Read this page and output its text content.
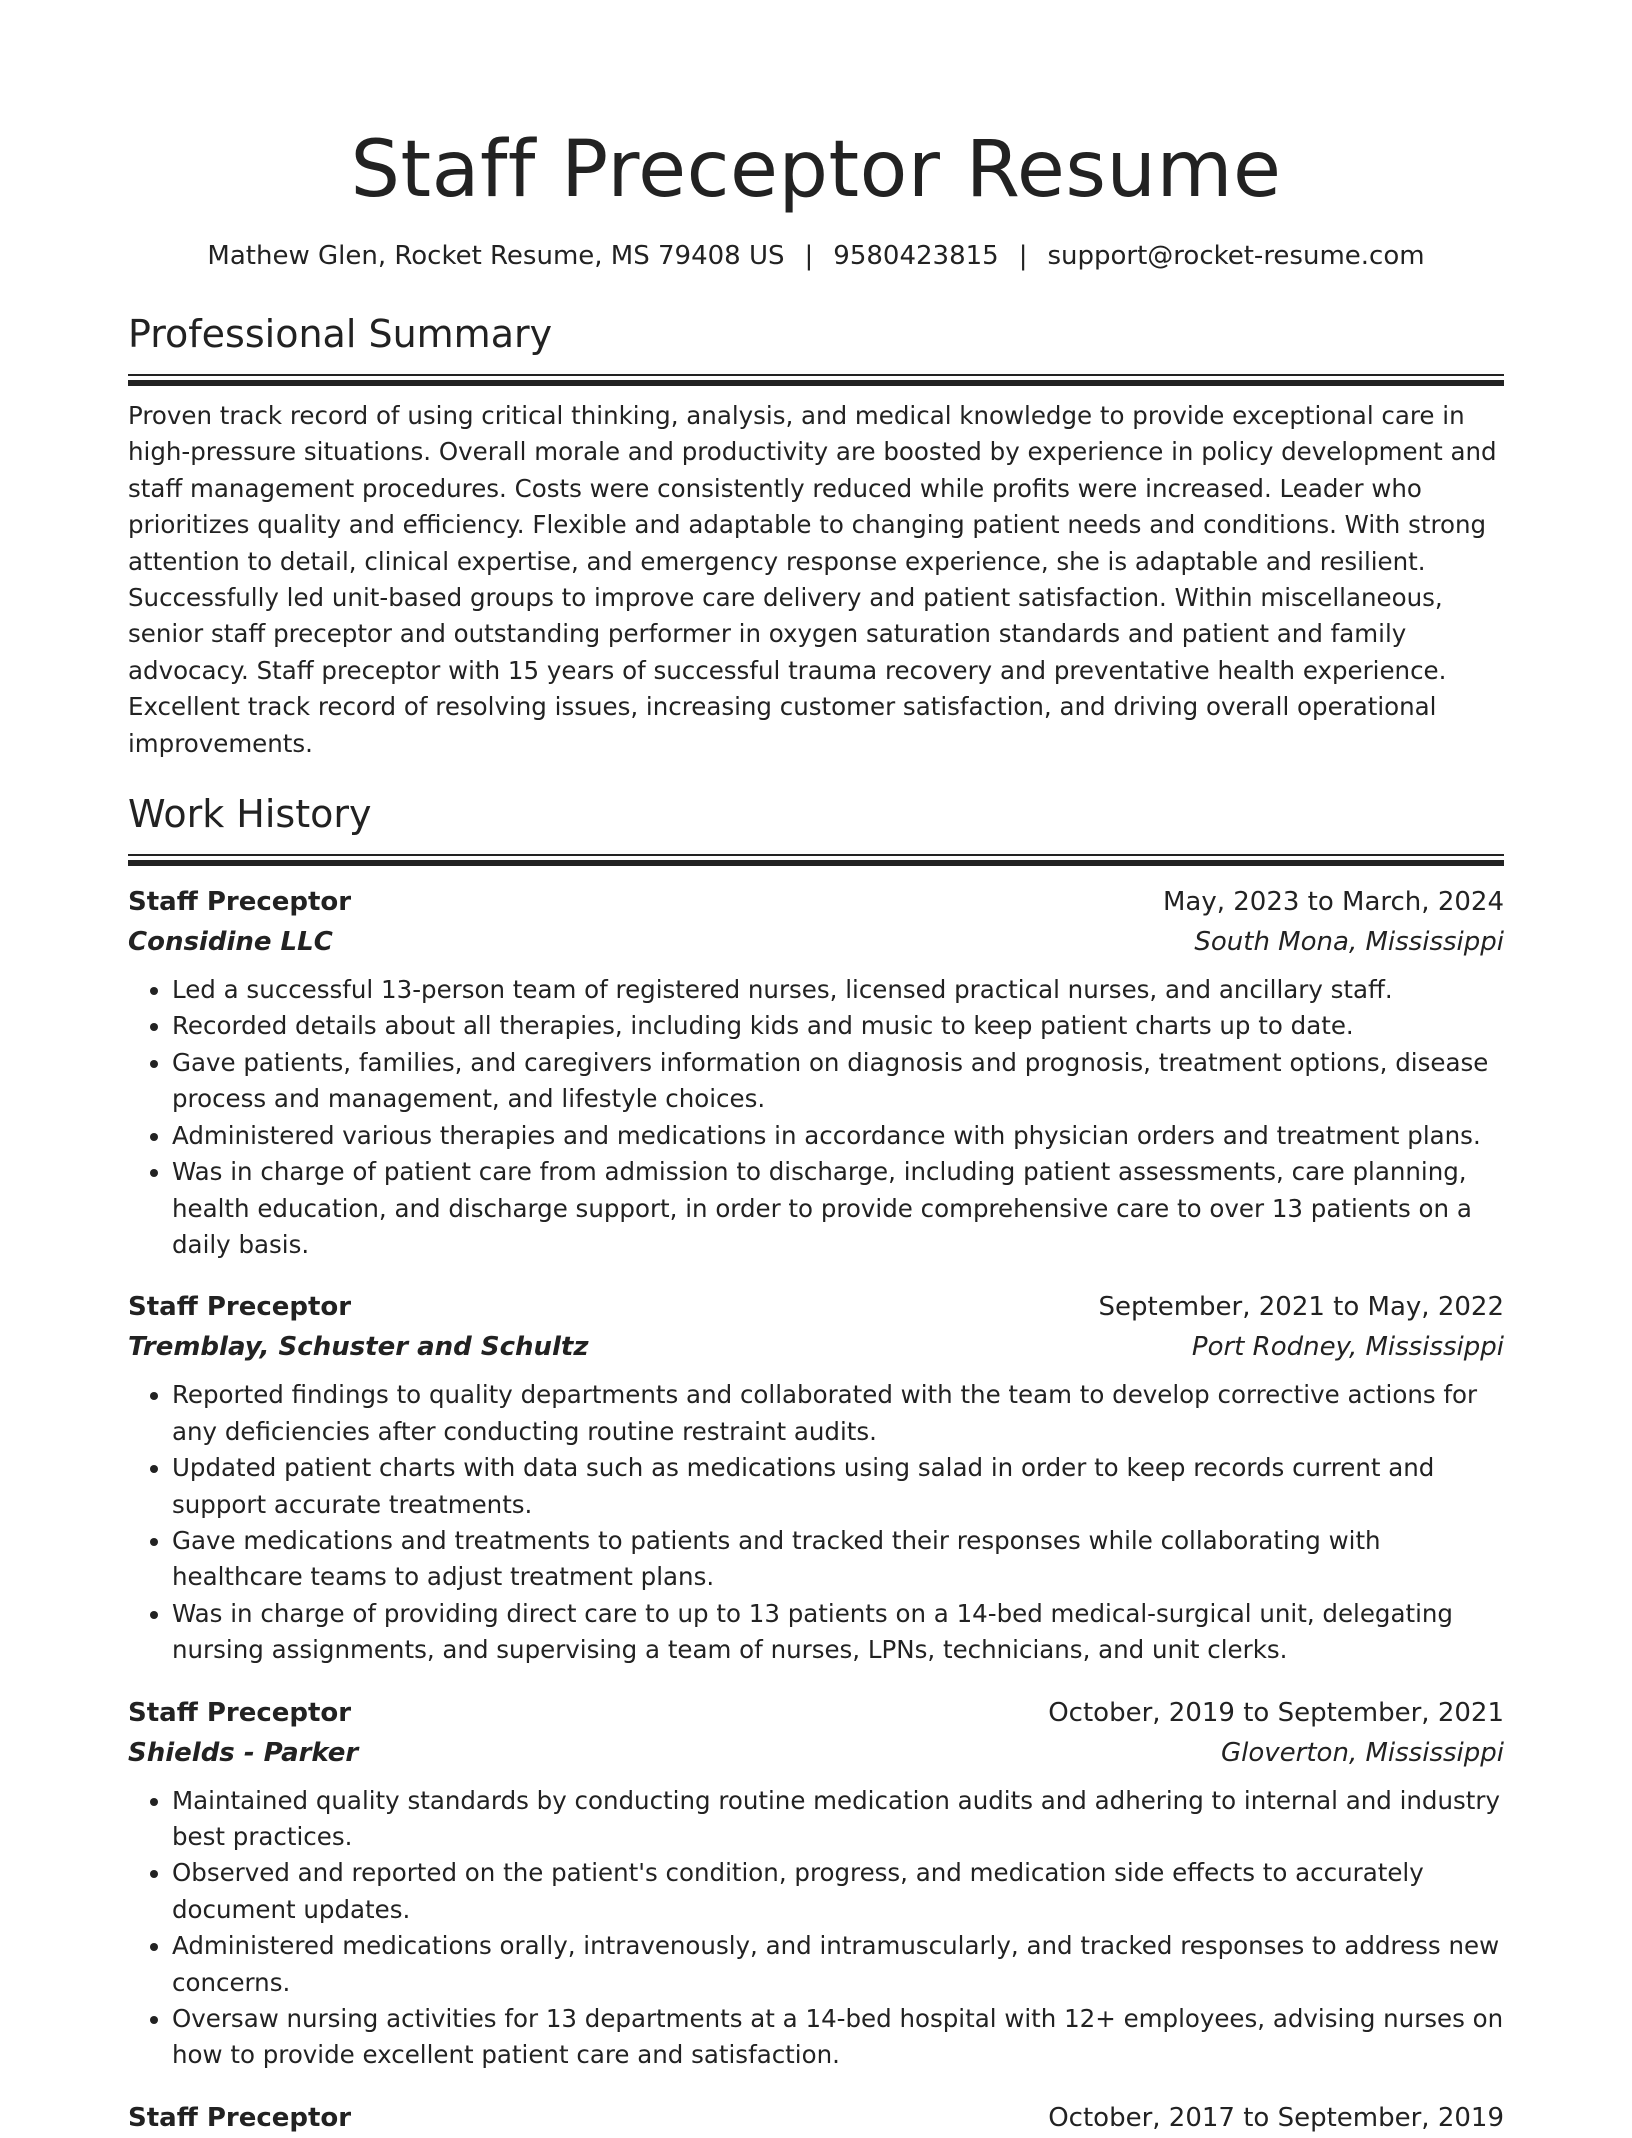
Staff Preceptor Resume
Mathew Glen, Rocket Resume, MS 79408 US | 9580423815 | support@rocket-resume.com
Professional Summary

Proven track record of using critical thinking, analysis, and medical knowledge to provide exceptional care in high-pressure situations. Overall morale and productivity are boosted by experience in policy development and staff management procedures. Costs were consistently reduced while profits were increased. Leader who prioritizes quality and efficiency. Flexible and adaptable to changing patient needs and conditions. With strong attention to detail, clinical expertise, and emergency response experience, she is adaptable and resilient. Successfully led unit-based groups to improve care delivery and patient satisfaction. Within miscellaneous, senior staff preceptor and outstanding performer in oxygen saturation standards and patient and family advocacy. Staff preceptor with 15 years of successful trauma recovery and preventative health experience. Excellent track record of resolving issues, increasing customer satisfaction, and driving overall operational improvements.

Work History
Staff Preceptor	May, 2023 to March, 2024
Considine LLC	South Mona, Mississippi
• Led a successful 13-person team of registered nurses, licensed practical nurses, and ancillary staff.
• Recorded details about all therapies, including kids and music to keep patient charts up to date.
• Gave patients, families, and caregivers information on diagnosis and prognosis, treatment options, disease process and management, and lifestyle choices.
• Administered various therapies and medications in accordance with physician orders and treatment plans.
• Was in charge of patient care from admission to discharge, including patient assessments, care planning, health education, and discharge support, in order to provide comprehensive care to over 13 patients on a daily basis.
Staff Preceptor	September, 2021 to May, 2022
Tremblay, Schuster and Schultz	Port Rodney, Mississippi
• Reported findings to quality departments and collaborated with the team to develop corrective actions for any deficiencies after conducting routine restraint audits.
• Updated patient charts with data such as medications using salad in order to keep records current and support accurate treatments.
• Gave medications and treatments to patients and tracked their responses while collaborating with healthcare teams to adjust treatment plans.
• Was in charge of providing direct care to up to 13 patients on a 14-bed medical-surgical unit, delegating nursing assignments, and supervising a team of nurses, LPNs, technicians, and unit clerks.
Staff Preceptor	October, 2019 to September, 2021
Shields - Parker	Gloverton, Mississippi
• Maintained quality standards by conducting routine medication audits and adhering to internal and industry best practices.
• Observed and reported on the patient's condition, progress, and medication side effects to accurately document updates.
• Administered medications orally, intravenously, and intramuscularly, and tracked responses to address new concerns.
• Oversaw nursing activities for 13 departments at a 14-bed hospital with 12+ employees, advising nurses on how to provide excellent patient care and satisfaction.
Staff Preceptor	October, 2017 to September, 2019
